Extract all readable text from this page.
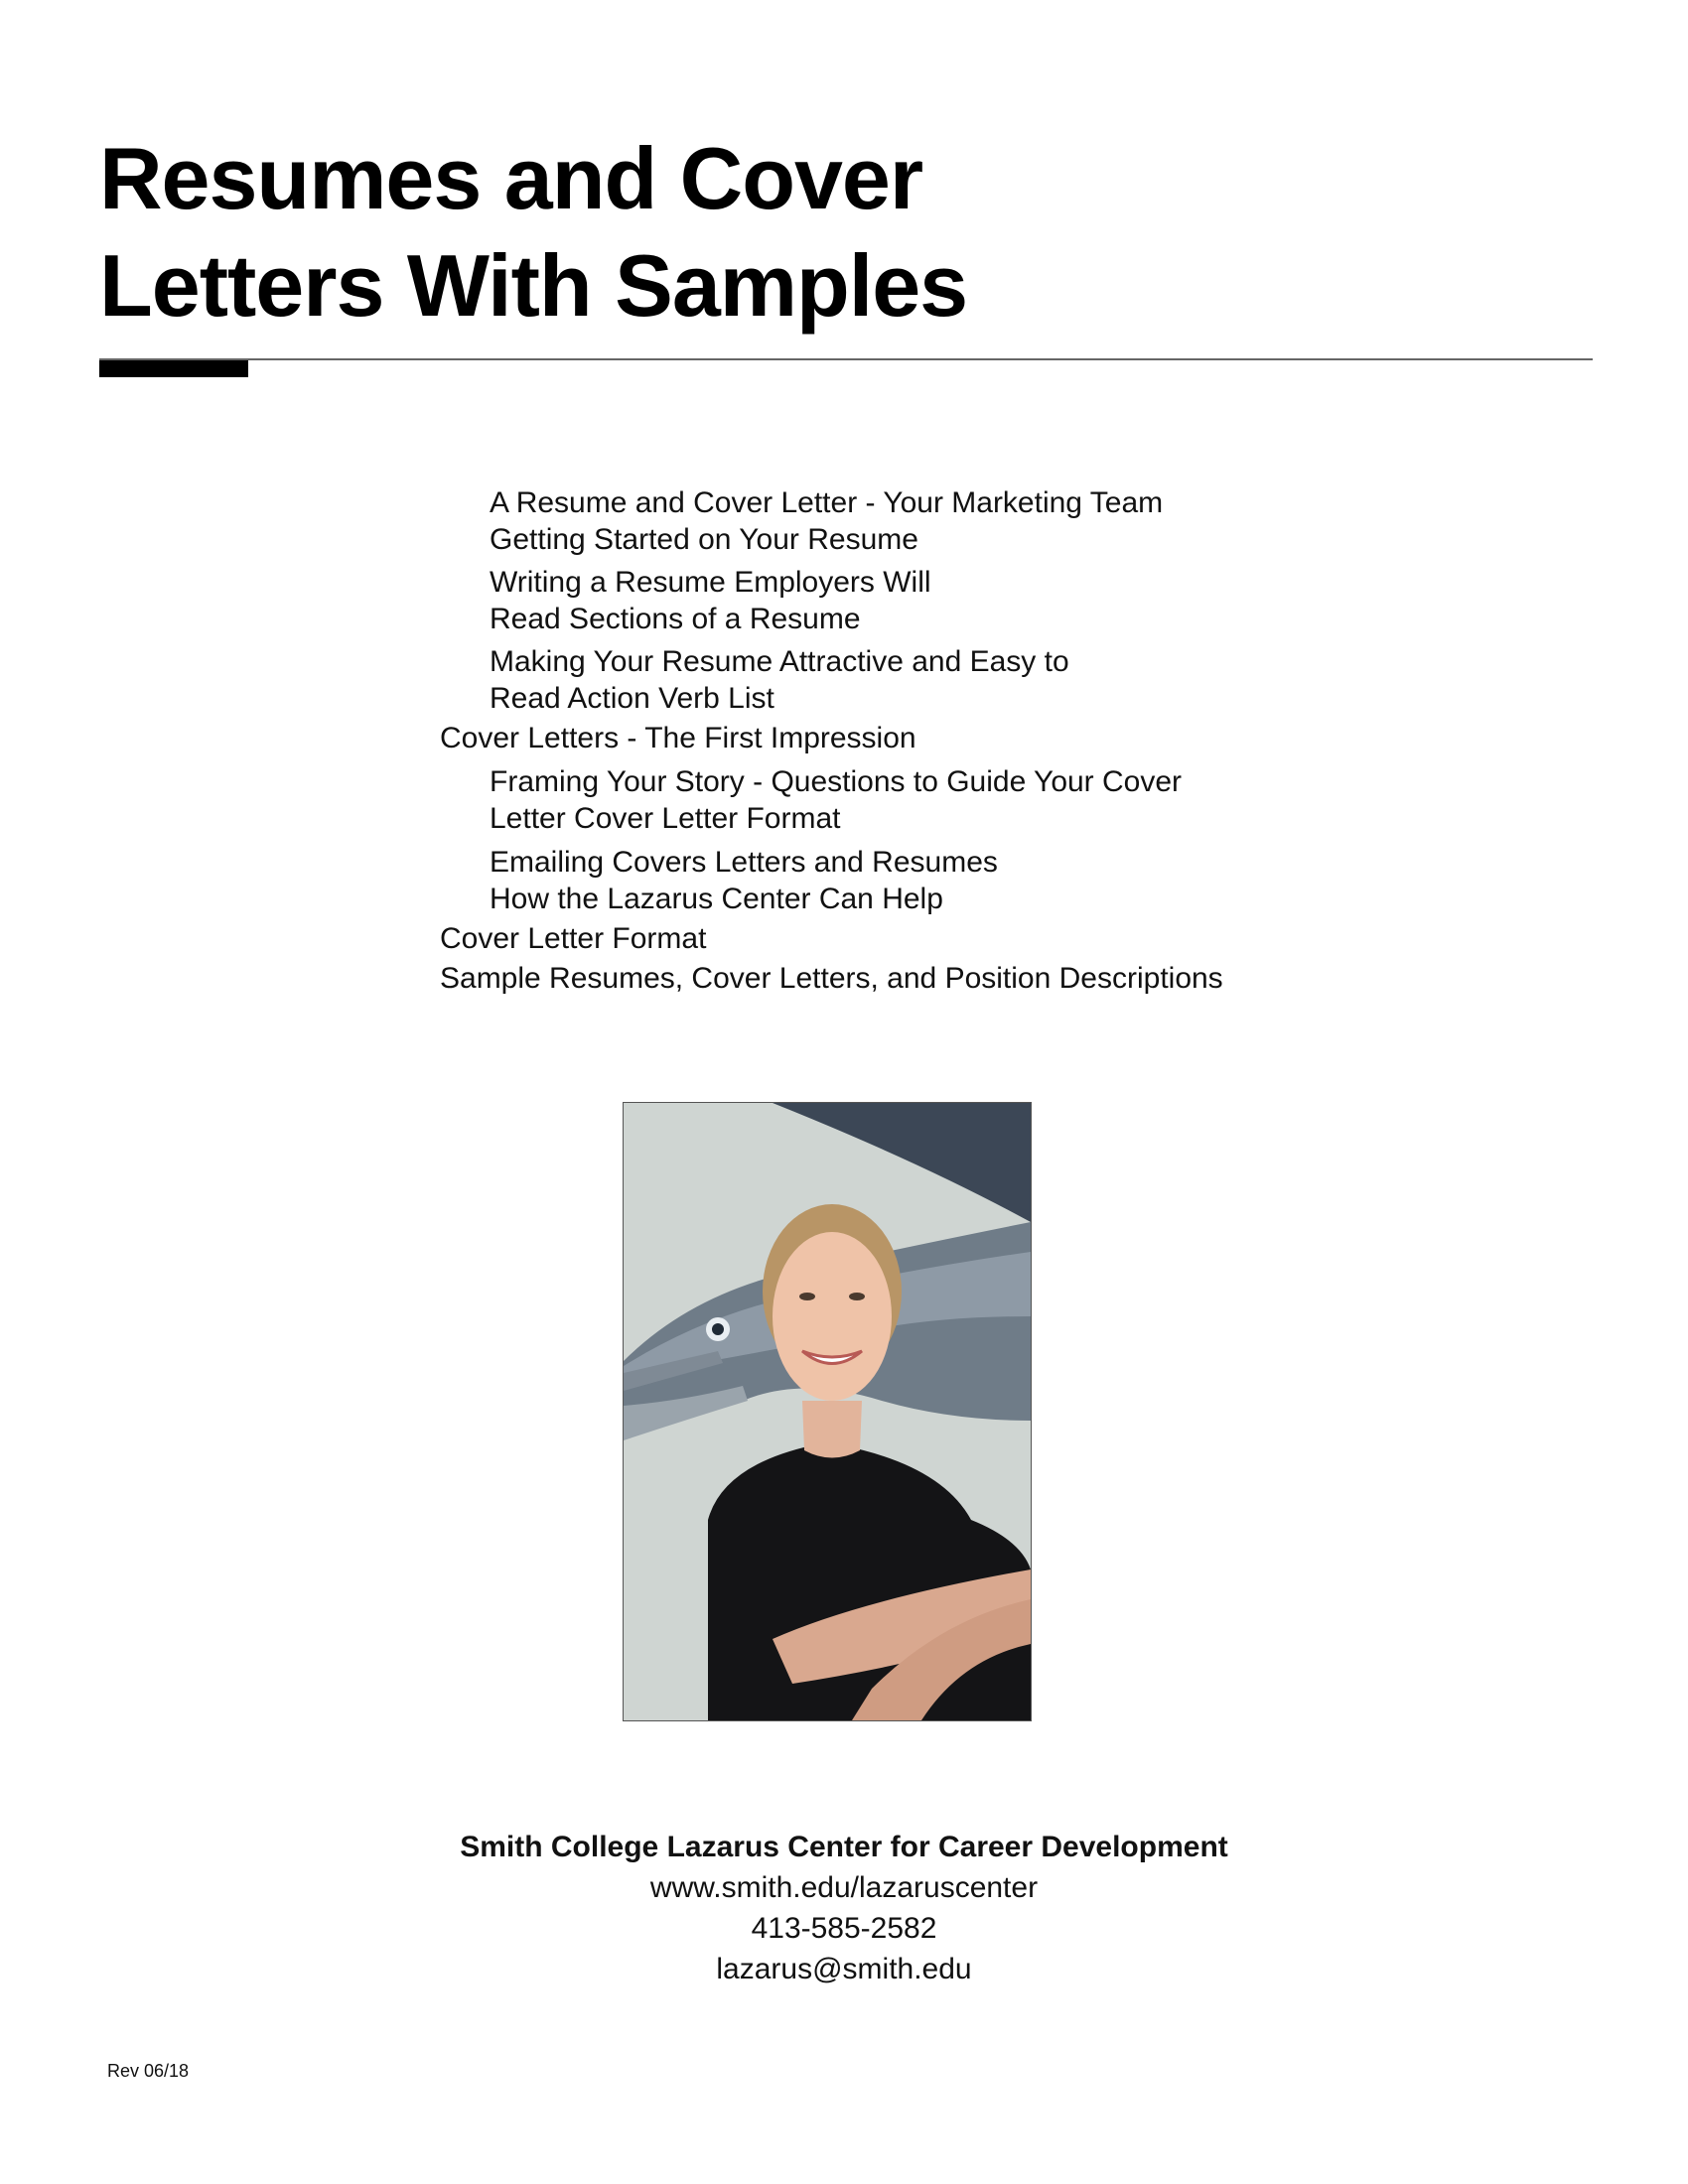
Resumes and Cover
Letters With Samples
A Resume and Cover Letter - Your Marketing Team
Getting Started on Your Resume
Writing a Resume Employers Will
Read Sections of a Resume
Making Your Resume Attractive and Easy to
Read Action Verb List
Cover Letters - The First Impression
Framing Your Story - Questions to Guide Your Cover
Letter Cover Letter Format
Emailing Covers Letters and Resumes
How the Lazarus Center Can Help
Cover Letter Format
Sample Resumes, Cover Letters, and Position Descriptions
Smith College Lazarus Center for Career Development
www.smith.edu/lazaruscenter
413-585-2582
lazarus@smith.edu
Rev 06/18
